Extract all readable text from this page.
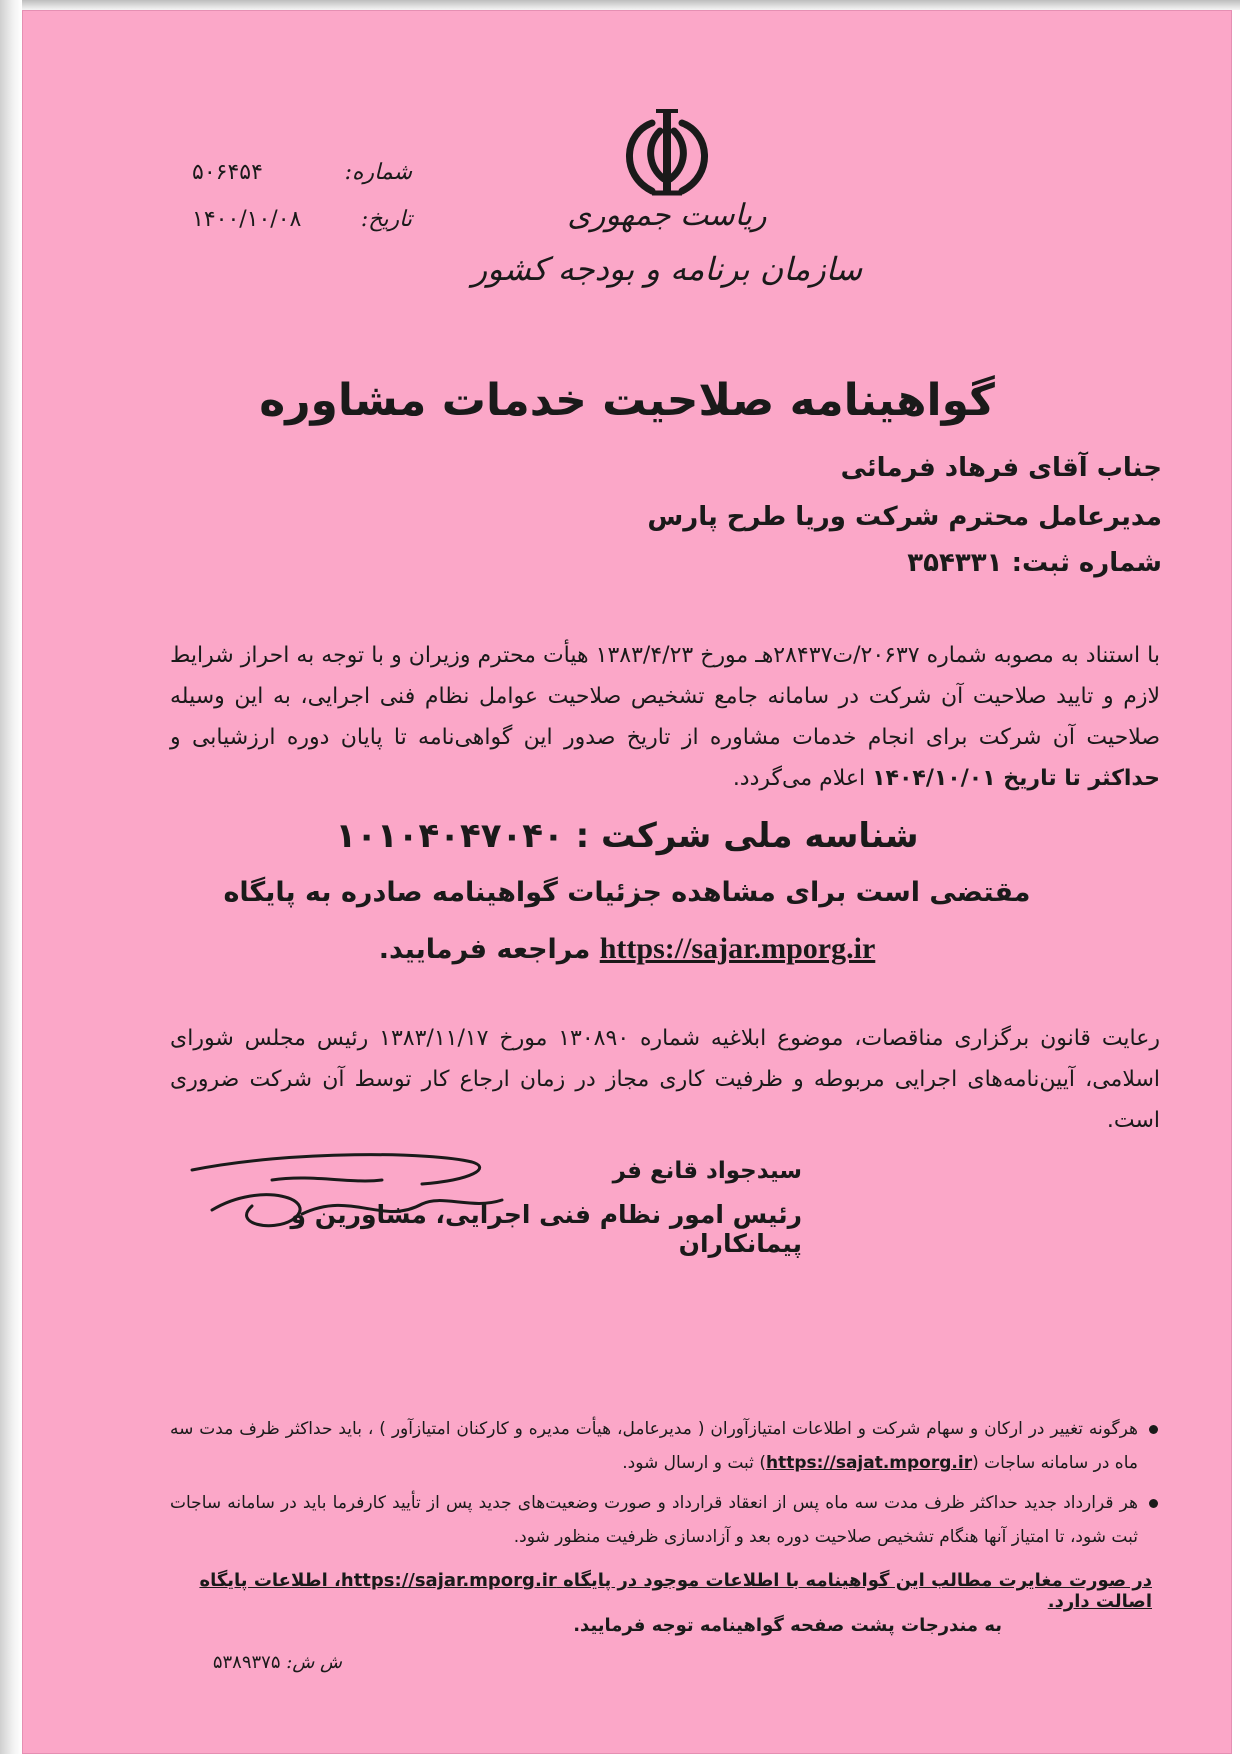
ریاست جمهوری
سازمان برنامه و بودجه کشور
شماره:
۵۰۶۴۵۴
تاریخ:
۱۴۰۰/۱۰/۰۸
گواهینامه صلاحیت خدمات مشاوره
جناب آقای فرهاد فرمائی
مدیرعامل محترم شرکت وریا طرح پارس
شماره ثبت: ۳۵۴۳۳۱
با استناد به مصوبه شماره ۲۰۶۳۷/ت۲۸۴۳۷هـ مورخ ۱۳۸۳/۴/۲۳ هیأت محترم وزیران و با توجه به احراز شرایط لازم و تایید صلاحیت آن شرکت در سامانه جامع تشخیص صلاحیت عوامل نظام فنی اجرایی، به این وسیله صلاحیت آن شرکت برای انجام خدمات مشاوره از تاریخ صدور این گواهی‌نامه تا پایان دوره ارزشیابی و حداکثر تا تاریخ ۱۴۰۴/۱۰/۰۱ اعلام می‌گردد.
شناسه ملی شرکت : ۱۰۱۰۴۰۴۷۰۴۰
مقتضی است برای مشاهده جزئیات گواهینامه صادره به پایگاه
https://sajar.mporg.ir مراجعه فرمایید.
رعایت قانون برگزاری مناقصات، موضوع ابلاغیه شماره ۱۳۰۸۹۰ مورخ ۱۳۸۳/۱۱/۱۷ رئیس مجلس شورای اسلامی، آیین‌نامه‌های اجرایی مربوطه و ظرفیت کاری مجاز در زمان ارجاع کار توسط آن شرکت ضروری است.
سیدجواد قانع فر
رئیس امور نظام فنی اجرایی، مشاورین و پیمانکاران
هرگونه تغییر در ارکان و سهام شرکت و اطلاعات امتیازآوران ( مدیرعامل، هیأت مدیره و کارکنان امتیازآور ) ، باید حداکثر ظرف مدت سه ماه در سامانه ساجات (https://sajat.mporg.ir) ثبت و ارسال شود.
هر قرارداد جدید حداکثر ظرف مدت سه ماه پس از انعقاد قرارداد و صورت وضعیت‌های جدید پس از تأیید کارفرما باید در سامانه ساجات ثبت شود، تا امتیاز آنها هنگام تشخیص صلاحیت دوره بعد و آزادسازی ظرفیت منظور شود.
در صورت مغایرت مطالب این گواهینامه با اطلاعات موجود در پایگاه https://sajar.mporg.ir، اطلاعات پایگاه اصالت دارد.
به مندرجات پشت صفحه گواهینامه توجه فرمایید.
ش ش: ۵۳۸۹۳۷۵
